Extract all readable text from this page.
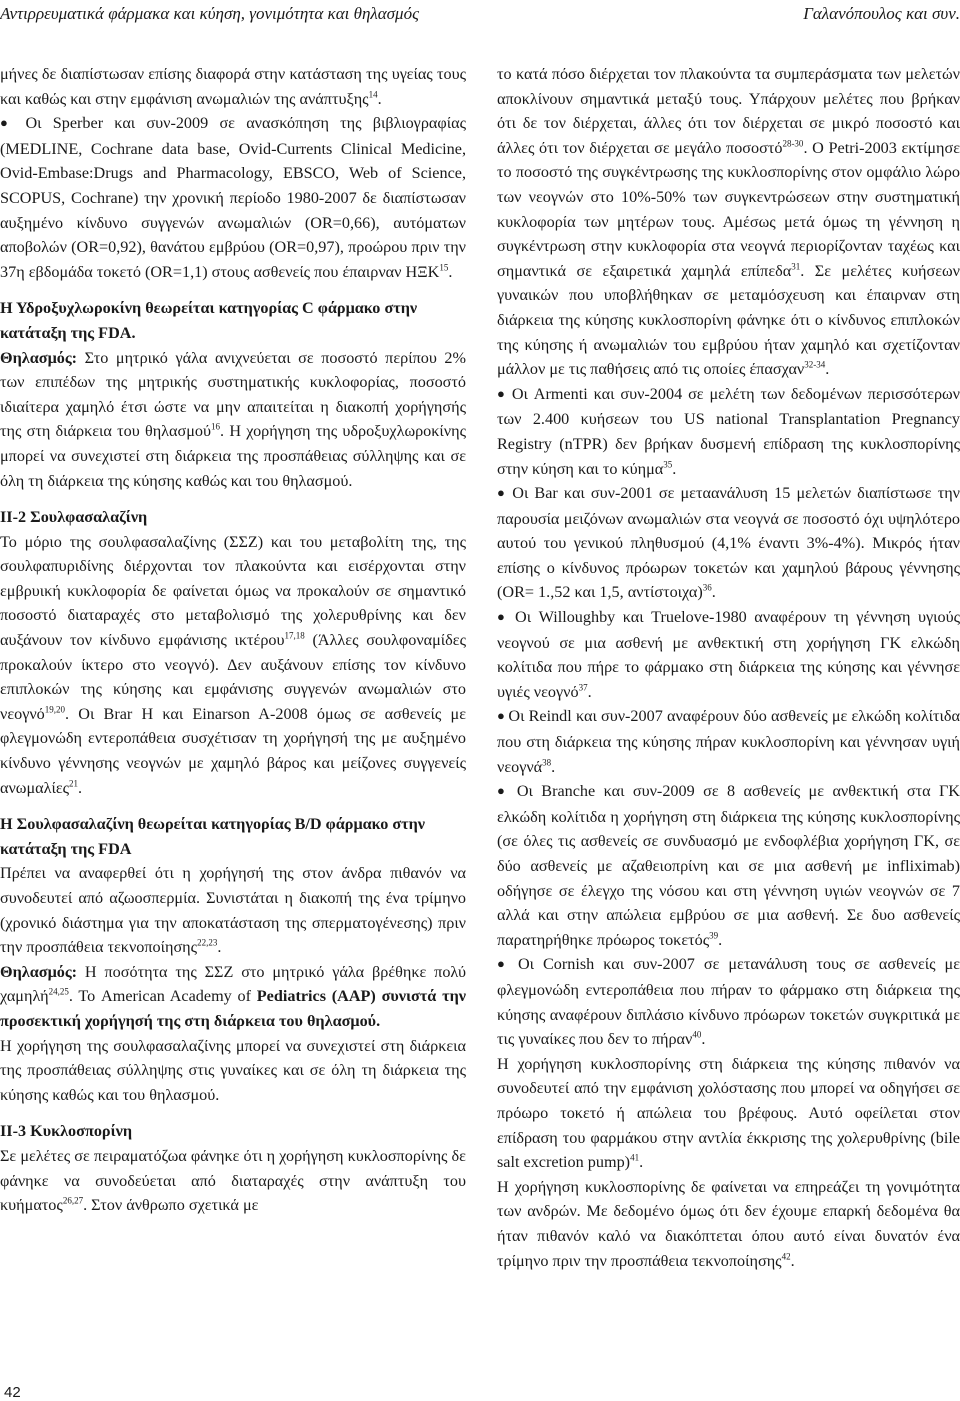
Αντιρρευματικά φάρμακα και κύηση, γονιμότητα και θηλασμός	Γαλανόπουλος και συν.

μήνες δε διαπίστωσαν επίσης διαφορά στην κατάσταση της υγείας τους και καθώς και στην εμφάνιση ανωμαλιών της ανάπτυξης$^{14}$.

● Οι Sperber και συν-2009 σε ανασκόπηση της βιβλιογραφίας (MEDLINE, Cochrane data base, Ovid-Currents Clinical Medicine, Ovid-Embase:Drugs and Pharmacology, EBSCO, Web of Science, SCOPUS, Cochrane) την χρονική περίοδο 1980-2007 δε διαπίστωσαν αυξημένο κίνδυνο συγγενών ανωμαλιών (OR=0,66), αυτόματων αποβολών (OR=0,92), θανάτου εμβρύου (OR=0,97), προώρου πριν την 37η εβδομάδα τοκετό (OR=1,1) στους ασθενείς που έπαιρναν ΗΞΚ$^{15}$.

Η Υδροξυχλωροκίνη θεωρείται κατηγορίας C φάρμακο στην κατάταξη της FDA.

Θηλασμός: Στο μητρικό γάλα ανιχνεύεται σε ποσοστό περίπου 2% των επιπέδων της μητρικής συστηματικής κυκλοφορίας, ποσοστό ιδιαίτερα χαμηλό έτσι ώστε να μην απαιτείται η διακοπή χορήγησής της στη διάρκεια του θηλασμού$^{16}$. Η χορήγηση της υδροξυχλωροκίνης μπορεί να συνεχιστεί στη διάρκεια της προσπάθειας σύλληψης και σε όλη τη διάρκεια της κύησης καθώς και του θηλασμού.

ΙΙ-2 Σουλφασαλαζίνη

Το μόριο της σουλφασαλαζίνης (ΣΣΖ) και του μεταβολίτη της, της σουλφαπυριδίνης διέρχονται τον πλακούντα και εισέρχονται στην εμβρυική κυκλοφορία δε φαίνεται όμως να προκαλούν σε σημαντικό ποσοστό διαταραχές στο μεταβολισμό της χολερυθρίνης και δεν αυξάνουν τον κίνδυνο εμφάνισης ικτέρου$^{17,18}$ (Άλλες σουλφοναμίδες προκαλούν ίκτερο στο νεογνό). Δεν αυξάνουν επίσης τον κίνδυνο επιπλοκών της κύησης και εμφάνισης συγγενών ανωμαλιών στο νεογνό$^{19,20}$. Οι Brar H και Einarson A-2008 όμως σε ασθενείς με φλεγμονώδη εντεροπάθεια συσχέτισαν τη χορήγησή της με αυξημένο κίνδυνο γέννησης νεογνών με χαμηλό βάρος και μείζονες συγγενείς ανωμαλίες$^{21}$.

Η Σουλφασαλαζίνη θεωρείται κατηγορίας B/D φάρμακο στην κατάταξη της FDA

Πρέπει να αναφερθεί ότι η χορήγησή της στον άνδρα πιθανόν να συνοδευτεί από αζωοσπερμία. Συνιστάται η διακοπή της ένα τρίμηνο (χρονικό διάστημα για την αποκατάσταση της σπερματογένεσης) πριν την προσπάθεια τεκνοποίησης$^{22,23}$.

Θηλασμός: Η ποσότητα της ΣΣΖ στο μητρικό γάλα βρέθηκε πολύ χαμηλή$^{24,25}$. Το American Academy of Pediatrics (AAP) συνιστά την προσεκτική χορήγησή της στη διάρκεια του θηλασμού.

Η χορήγηση της σουλφασαλαζίνης μπορεί να συνεχιστεί στη διάρκεια της προσπάθειας σύλληψης στις γυναίκες και σε όλη τη διάρκεια της κύησης καθώς και του θηλασμού.

ΙΙ-3 Κυκλοσπορίνη

Σε μελέτες σε πειραματόζωα φάνηκε ότι η χορήγηση κυκλοσπορίνης δε φάνηκε να συνοδεύεται από διαταραχές στην ανάπτυξη του κυήματος$^{26,27}$. Στον άνθρωπο σχετικά με

το κατά πόσο διέρχεται τον πλακούντα τα συμπεράσματα των μελετών αποκλίνουν σημαντικά μεταξύ τους. Υπάρχουν μελέτες που βρήκαν ότι δε τον διέρχεται, άλλες ότι τον διέρχεται σε μικρό ποσοστό και άλλες ότι τον διέρχεται σε μεγάλο ποσοστό$^{28-30}$. Ο Petri-2003 εκτίμησε το ποσοστό της συγκέντρωσης της κυκλοσπορίνης στον ομφάλιο λώρο των νεογνών στο 10%-50% των συγκεντρώσεων στην συστηματική κυκλοφορία των μητέρων τους. Αμέσως μετά όμως τη γέννηση η συγκέντρωση στην κυκλοφορία στα νεογνά περιορίζονταν ταχέως και σημαντικά σε εξαιρετικά χαμηλά επίπεδα$^{31}$. Σε μελέτες κυήσεων γυναικών που υποβλήθηκαν σε μεταμόσχευση και έπαιρναν στη διάρκεια της κύησης κυκλοσπορίνη φάνηκε ότι ο κίνδυνος επιπλοκών της κύησης ή ανωμαλιών του εμβρύου ήταν χαμηλό και σχετίζονταν μάλλον με τις παθήσεις από τις οποίες έπασχαν$^{32-34}$.

● Οι Armenti και συν-2004 σε μελέτη των δεδομένων περισσότερων των 2.400 κυήσεων του US national Transplantation Pregnancy Registry (nTPR) δεν βρήκαν δυσμενή επίδραση της κυκλοσπορίνης στην κύηση και το κύημα$^{35}$.

● Οι Bar και συν-2001 σε μεταανάλυση 15 μελετών διαπίστωσε την παρουσία μειζόνων ανωμαλιών στα νεογνά σε ποσοστό όχι υψηλότερο αυτού του γενικού πληθυσμού (4,1% έναντι 3%-4%). Μικρός ήταν επίσης ο κίνδυνος πρόωρων τοκετών και χαμηλού βάρους γέννησης (OR= 1.,52 και 1,5, αντίστοιχα)$^{36}$.

● Οι Willoughby και Truelove-1980 αναφέρουν τη γέννηση υγιούς νεογνού σε μια ασθενή με ανθεκτική στη χορήγηση ΓΚ ελκώδη κολίτιδα που πήρε το φάρμακο στη διάρκεια της κύησης και γέννησε υγιές νεογνό$^{37}$.

● Οι Reindl και συν-2007 αναφέρουν δύο ασθενείς με ελκώδη κολίτιδα που στη διάρκεια της κύησης πήραν κυκλοσπορίνη και γέννησαν υγιή νεογνά$^{38}$.

● Οι Branche και συν-2009 σε 8 ασθενείς με ανθεκτική στα ΓΚ ελκώδη κολίτιδα η χορήγηση στη διάρκεια της κύησης κυκλοσπορίνης (σε όλες τις ασθενείς σε συνδυασμό με ενδοφλέβια χορήγηση ΓΚ, σε δύο ασθενείς με αζαθειοπρίνη και σε μια ασθενή με infliximab) οδήγησε σε έλεγχο της νόσου και στη γέννηση υγιών νεογνών σε 7 αλλά και στην απώλεια εμβρύου σε μια ασθενή. Σε δυο ασθενείς παρατηρήθηκε πρόωρος τοκετός$^{39}$.

● Οι Cornish και συν-2007 σε μετανάλυση τους σε ασθενείς με φλεγμονώδη εντεροπάθεια που πήραν το φάρμακο στη διάρκεια της κύησης αναφέρουν διπλάσιο κίνδυνο πρόωρων τοκετών συγκριτικά με τις γυναίκες που δεν το πήραν$^{40}$.

Η χορήγηση κυκλοσπορίνης στη διάρκεια της κύησης πιθανόν να συνοδευτεί από την εμφάνιση χολόστασης που μπορεί να οδηγήσει σε πρόωρο τοκετό ή απώλεια του βρέφους. Αυτό οφείλεται στον επίδραση του φαρμάκου στην αντλία έκκρισης της χολερυθρίνης (bile salt excretion pump)$^{41}$.

Η χορήγηση κυκλοσπορίνης δε φαίνεται να επηρεάζει τη γονιμότητα των ανδρών. Με δεδομένο όμως ότι δεν έχουμε επαρκή δεδομένα θα ήταν πιθανόν καλό να διακόπτεται όπου αυτό είναι δυνατόν ένα τρίμηνο πριν την προσπάθεια τεκνοποίησης$^{42}$.

42
